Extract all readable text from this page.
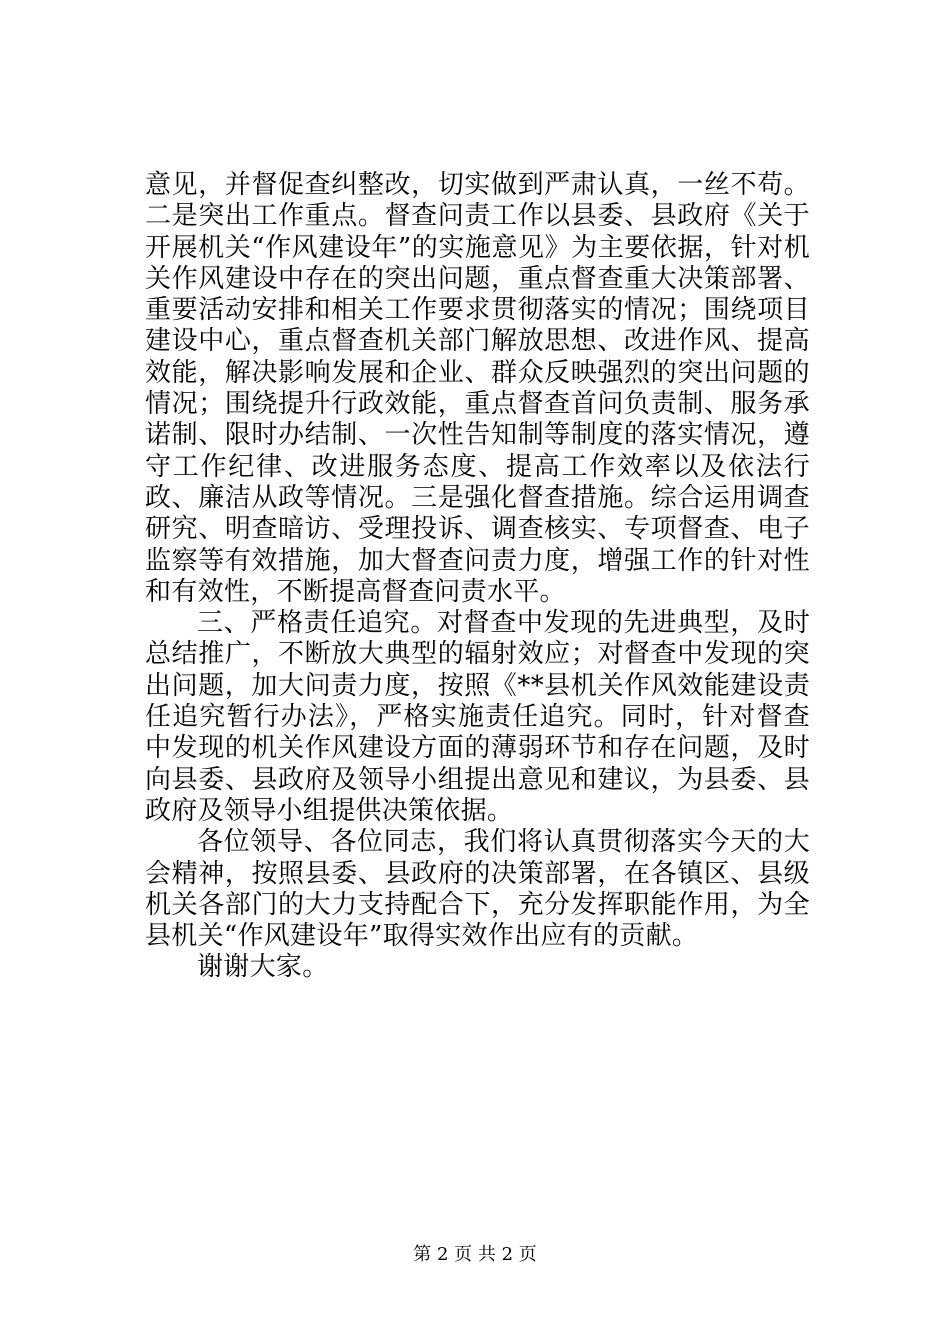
意见，并督促查纠整改，切实做到严肃认真，一丝不苟。二是突出工作重点。督查问责工作以县委、县政府《关于开展机关“作风建设年”的实施意见》为主要依据，针对机关作风建设中存在的突出问题，重点督查重大决策部署、重要活动安排和相关工作要求贯彻落实的情况；围绕项目建设中心，重点督查机关部门解放思想、改进作风、提高效能，解决影响发展和企业、群众反映强烈的突出问题的情况；围绕提升行政效能，重点督查首问负责制、服务承诺制、限时办结制、一次性告知制等制度的落实情况，遵守工作纪律、改进服务态度、提高工作效率以及依法行政、廉洁从政等情况。三是强化督查措施。综合运用调查研究、明查暗访、受理投诉、调查核实、专项督查、电子监察等有效措施，加大督查问责力度，增强工作的针对性和有效性，不断提高督查问责水平。

三、严格责任追究。对督查中发现的先进典型，及时总结推广，不断放大典型的辐射效应；对督查中发现的突出问题，加大问责力度，按照《**县机关作风效能建设责任追究暂行办法》，严格实施责任追究。同时，针对督查中发现的机关作风建设方面的薄弱环节和存在问题，及时向县委、县政府及领导小组提出意见和建议，为县委、县政府及领导小组提供决策依据。

各位领导、各位同志，我们将认真贯彻落实今天的大会精神，按照县委、县政府的决策部署，在各镇区、县级机关各部门的大力支持配合下，充分发挥职能作用，为全县机关“作风建设年”取得实效作出应有的贡献。

谢谢大家。

第 2 页 共 2 页
